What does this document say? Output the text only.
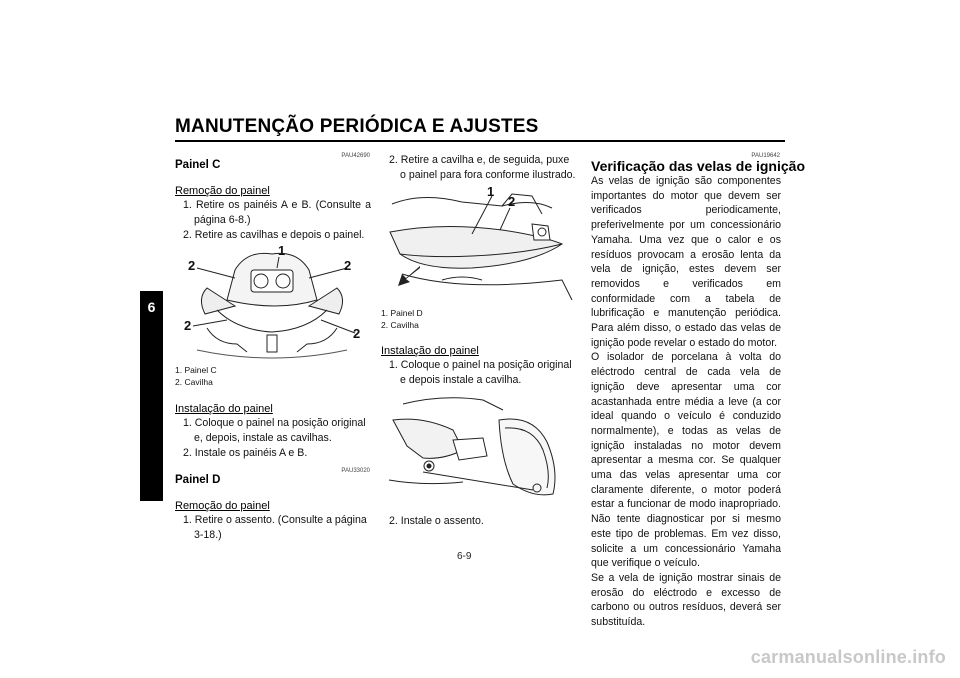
MANUTENÇÃO PERIÓDICA E AJUSTES
6
PAU42690
Painel C
Remoção do painel
1. Retire os painéis A e B. (Consulte a página 6-8.)
2. Retire as cavilhas e depois o painel.
1
2	2
2
2
1. Painel C
2. Cavilha
Instalação do painel
1. Coloque o painel na posição original e, depois, instale as cavilhas.
2. Instale os painéis A e B.
PAU33020
Painel D
Remoção do painel
1. Retire o assento. (Consulte a página 3-18.)
2. Retire a cavilha e, de seguida, puxe o painel para fora conforme ilustrado.
1
2
1. Painel D
2. Cavilha
Instalação do painel
1. Coloque o painel na posição original e depois instale a cavilha.
2. Instale o assento.
PAU19642
Verificação das velas de ignição
As velas de ignição são componentes importantes do motor que devem ser verificados periodicamente, preferivelmente por um concessionário Yamaha. Uma vez que o calor e os resíduos provocam a erosão lenta da vela de ignição, estes devem ser removidos e verificados em conformidade com a tabela de lubrificação e manutenção periódica. Para além disso, o estado das velas de ignição pode revelar o estado do motor.
O isolador de porcelana à volta do eléctrodo central de cada vela de ignição deve apresentar uma cor acastanhada entre média a leve (a cor ideal quando o veículo é conduzido normalmente), e todas as velas de ignição instaladas no motor devem apresentar a mesma cor. Se qualquer uma das velas apresentar uma cor claramente diferente, o motor poderá estar a funcionar de modo inapropriado. Não tente diagnosticar por si mesmo este tipo de problemas. Em vez disso, solicite a um concessionário Yamaha que verifique o veículo.
Se a vela de ignição mostrar sinais de erosão do eléctrodo e excesso de carbono ou outros resíduos, deverá ser substituída.
6-9
carmanualsonline.info
